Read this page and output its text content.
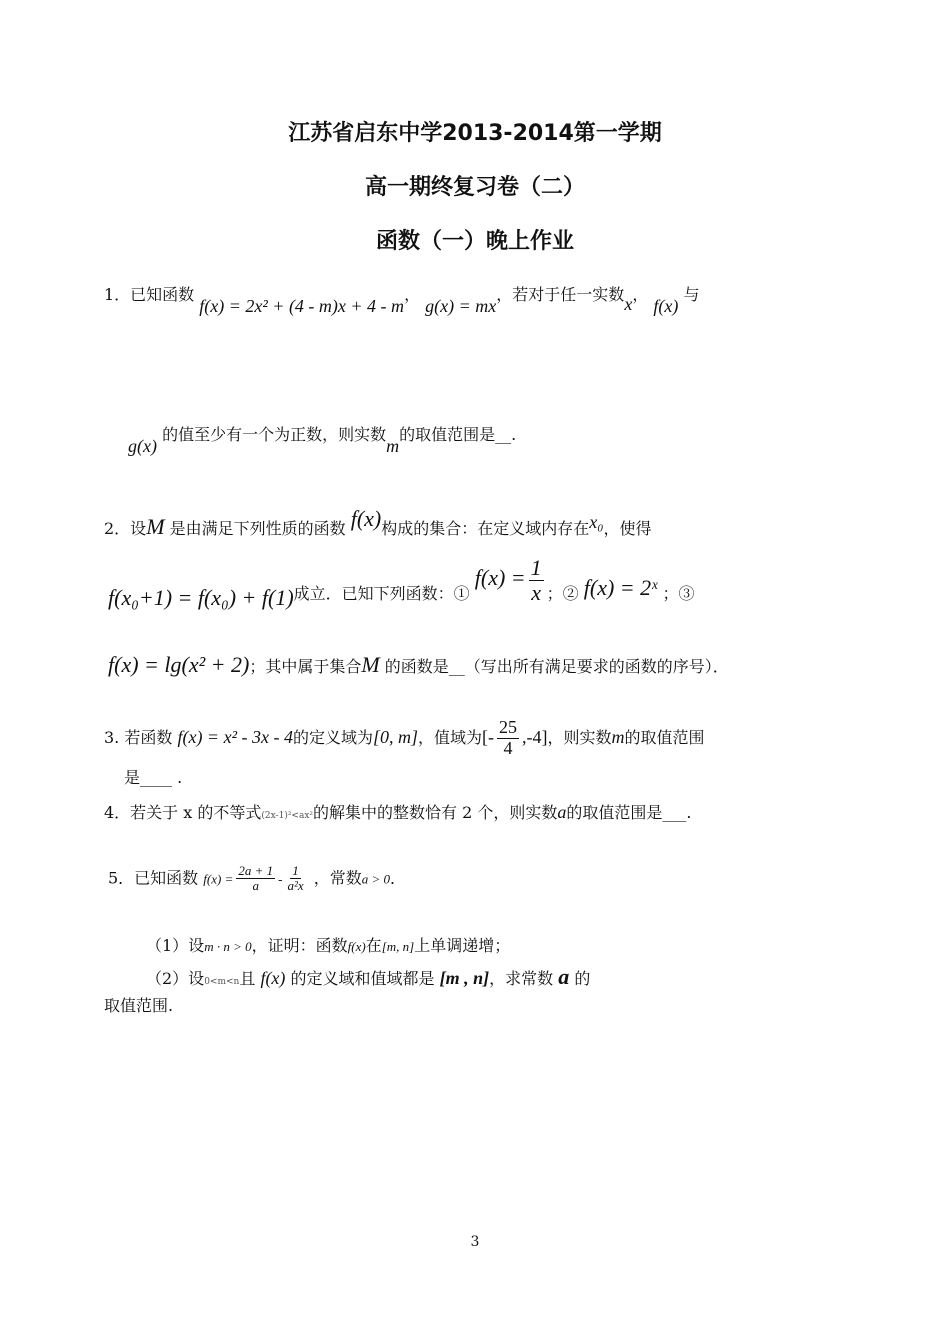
江苏省启东中学2013-2014第一学期
高一期终复习卷（二）
函数（一）晚上作业
1．已知函数 f(x) = 2x² + (4 - m)x + 4 - m， g(x) = mx，若对于任一实数x， f(x) 与
g(x) 的值至少有一个为正数，则实数m的取值范围是__.
2．设M 是由满足下列性质的函数 f(x)构成的集合：在定义域内存在x₀，使得
f(x₀+1) = f(x₀) + f(1)成立．已知下列函数：① $f(x) = \frac{1}{x}$ ；② f(x) = 2ˣ ；③
f(x) = lg(x² + 2)；其中属于集合M 的函数是__（写出所有满足要求的函数的序号）．
3. 若函数 f(x) = x² - 3x - 4的定义域为[0, m]，值域为[- $\frac{25}{4} ,-4$]，则实数m的取值范围
是____ .
4．若关于 x 的不等式(2x-1)²<ax²的解集中的整数恰有 2 个，则实数a的取值范围是___.
5．已知函数 $f(x) = \frac{2a + 1}{a} - \frac{1}{\text{a²x}}$ ，常数a > 0．
（1）设m · n > 0，证明：函数f(x)在[m, n]上单调递增；
（2）设0<m<n且 f(x) 的定义域和值域都是 [m , n]，求常数 a 的
取值范围.
3
